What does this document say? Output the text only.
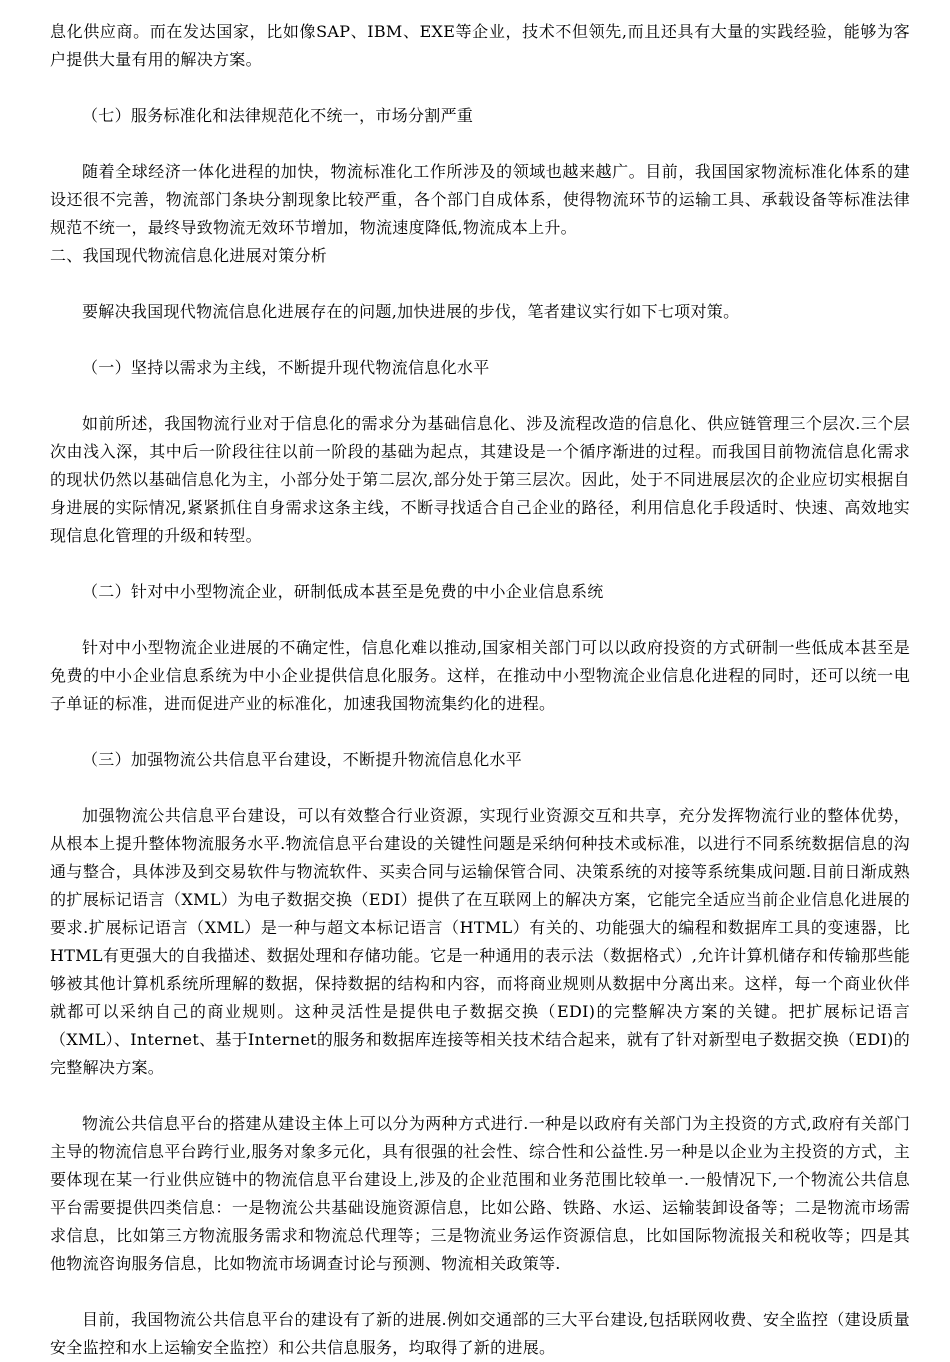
息化供应商。而在发达国家，比如像SAP、IBM、EXE等企业，技术不但领先,而且还具有大量的实践经验，能够为客户提供大量有用的解决方案。

（七）服务标准化和法律规范化不统一，市场分割严重

随着全球经济一体化进程的加快，物流标准化工作所涉及的领域也越来越广。目前，我国国家物流标准化体系的建设还很不完善，物流部门条块分割现象比较严重，各个部门自成体系，使得物流环节的运输工具、承载设备等标准法律规范不统一，最终导致物流无效环节增加，物流速度降低,物流成本上升。

二、我国现代物流信息化进展对策分析

要解决我国现代物流信息化进展存在的问题,加快进展的步伐，笔者建议实行如下七项对策。

（一）坚持以需求为主线，不断提升现代物流信息化水平

如前所述，我国物流行业对于信息化的需求分为基础信息化、涉及流程改造的信息化、供应链管理三个层次.三个层次由浅入深，其中后一阶段往往以前一阶段的基础为起点，其建设是一个循序渐进的过程。而我国目前物流信息化需求的现状仍然以基础信息化为主，小部分处于第二层次,部分处于第三层次。因此，处于不同进展层次的企业应切实根据自身进展的实际情况,紧紧抓住自身需求这条主线，不断寻找适合自己企业的路径，利用信息化手段适时、快速、高效地实现信息化管理的升级和转型。

（二）针对中小型物流企业，研制低成本甚至是免费的中小企业信息系统

针对中小型物流企业进展的不确定性，信息化难以推动,国家相关部门可以以政府投资的方式研制一些低成本甚至是免费的中小企业信息系统为中小企业提供信息化服务。这样，在推动中小型物流企业信息化进程的同时，还可以统一电子单证的标准，进而促进产业的标准化，加速我国物流集约化的进程。

（三）加强物流公共信息平台建设，不断提升物流信息化水平

加强物流公共信息平台建设，可以有效整合行业资源，实现行业资源交互和共享，充分发挥物流行业的整体优势，从根本上提升整体物流服务水平.物流信息平台建设的关键性问题是采纳何种技术或标准，以进行不同系统数据信息的沟通与整合，具体涉及到交易软件与物流软件、买卖合同与运输保管合同、决策系统的对接等系统集成问题.目前日渐成熟的扩展标记语言（XML）为电子数据交换（EDI）提供了在互联网上的解决方案，它能完全适应当前企业信息化进展的要求.扩展标记语言（XML）是一种与超文本标记语言（HTML）有关的、功能强大的编程和数据库工具的变速器，比HTML有更强大的自我描述、数据处理和存储功能。它是一种通用的表示法（数据格式）,允许计算机储存和传输那些能够被其他计算机系统所理解的数据，保持数据的结构和内容，而将商业规则从数据中分离出来。这样，每一个商业伙伴就都可以采纳自己的商业规则。这种灵活性是提供电子数据交换（EDI)的完整解决方案的关键。把扩展标记语言（XML）、Internet、基于Internet的服务和数据库连接等相关技术结合起来，就有了针对新型电子数据交换（EDI)的完整解决方案。

物流公共信息平台的搭建从建设主体上可以分为两种方式进行.一种是以政府有关部门为主投资的方式,政府有关部门主导的物流信息平台跨行业,服务对象多元化，具有很强的社会性、综合性和公益性.另一种是以企业为主投资的方式，主要体现在某一行业供应链中的物流信息平台建设上,涉及的企业范围和业务范围比较单一.一般情况下,一个物流公共信息平台需要提供四类信息：一是物流公共基础设施资源信息，比如公路、铁路、水运、运输装卸设备等；二是物流市场需求信息，比如第三方物流服务需求和物流总代理等；三是物流业务运作资源信息，比如国际物流报关和税收等；四是其他物流咨询服务信息，比如物流市场调查讨论与预测、物流相关政策等.

目前，我国物流公共信息平台的建设有了新的进展.例如交通部的三大平台建设,包括联网收费、安全监控（建设质量安全监控和水上运输安全监控）和公共信息服务，均取得了新的进展。
